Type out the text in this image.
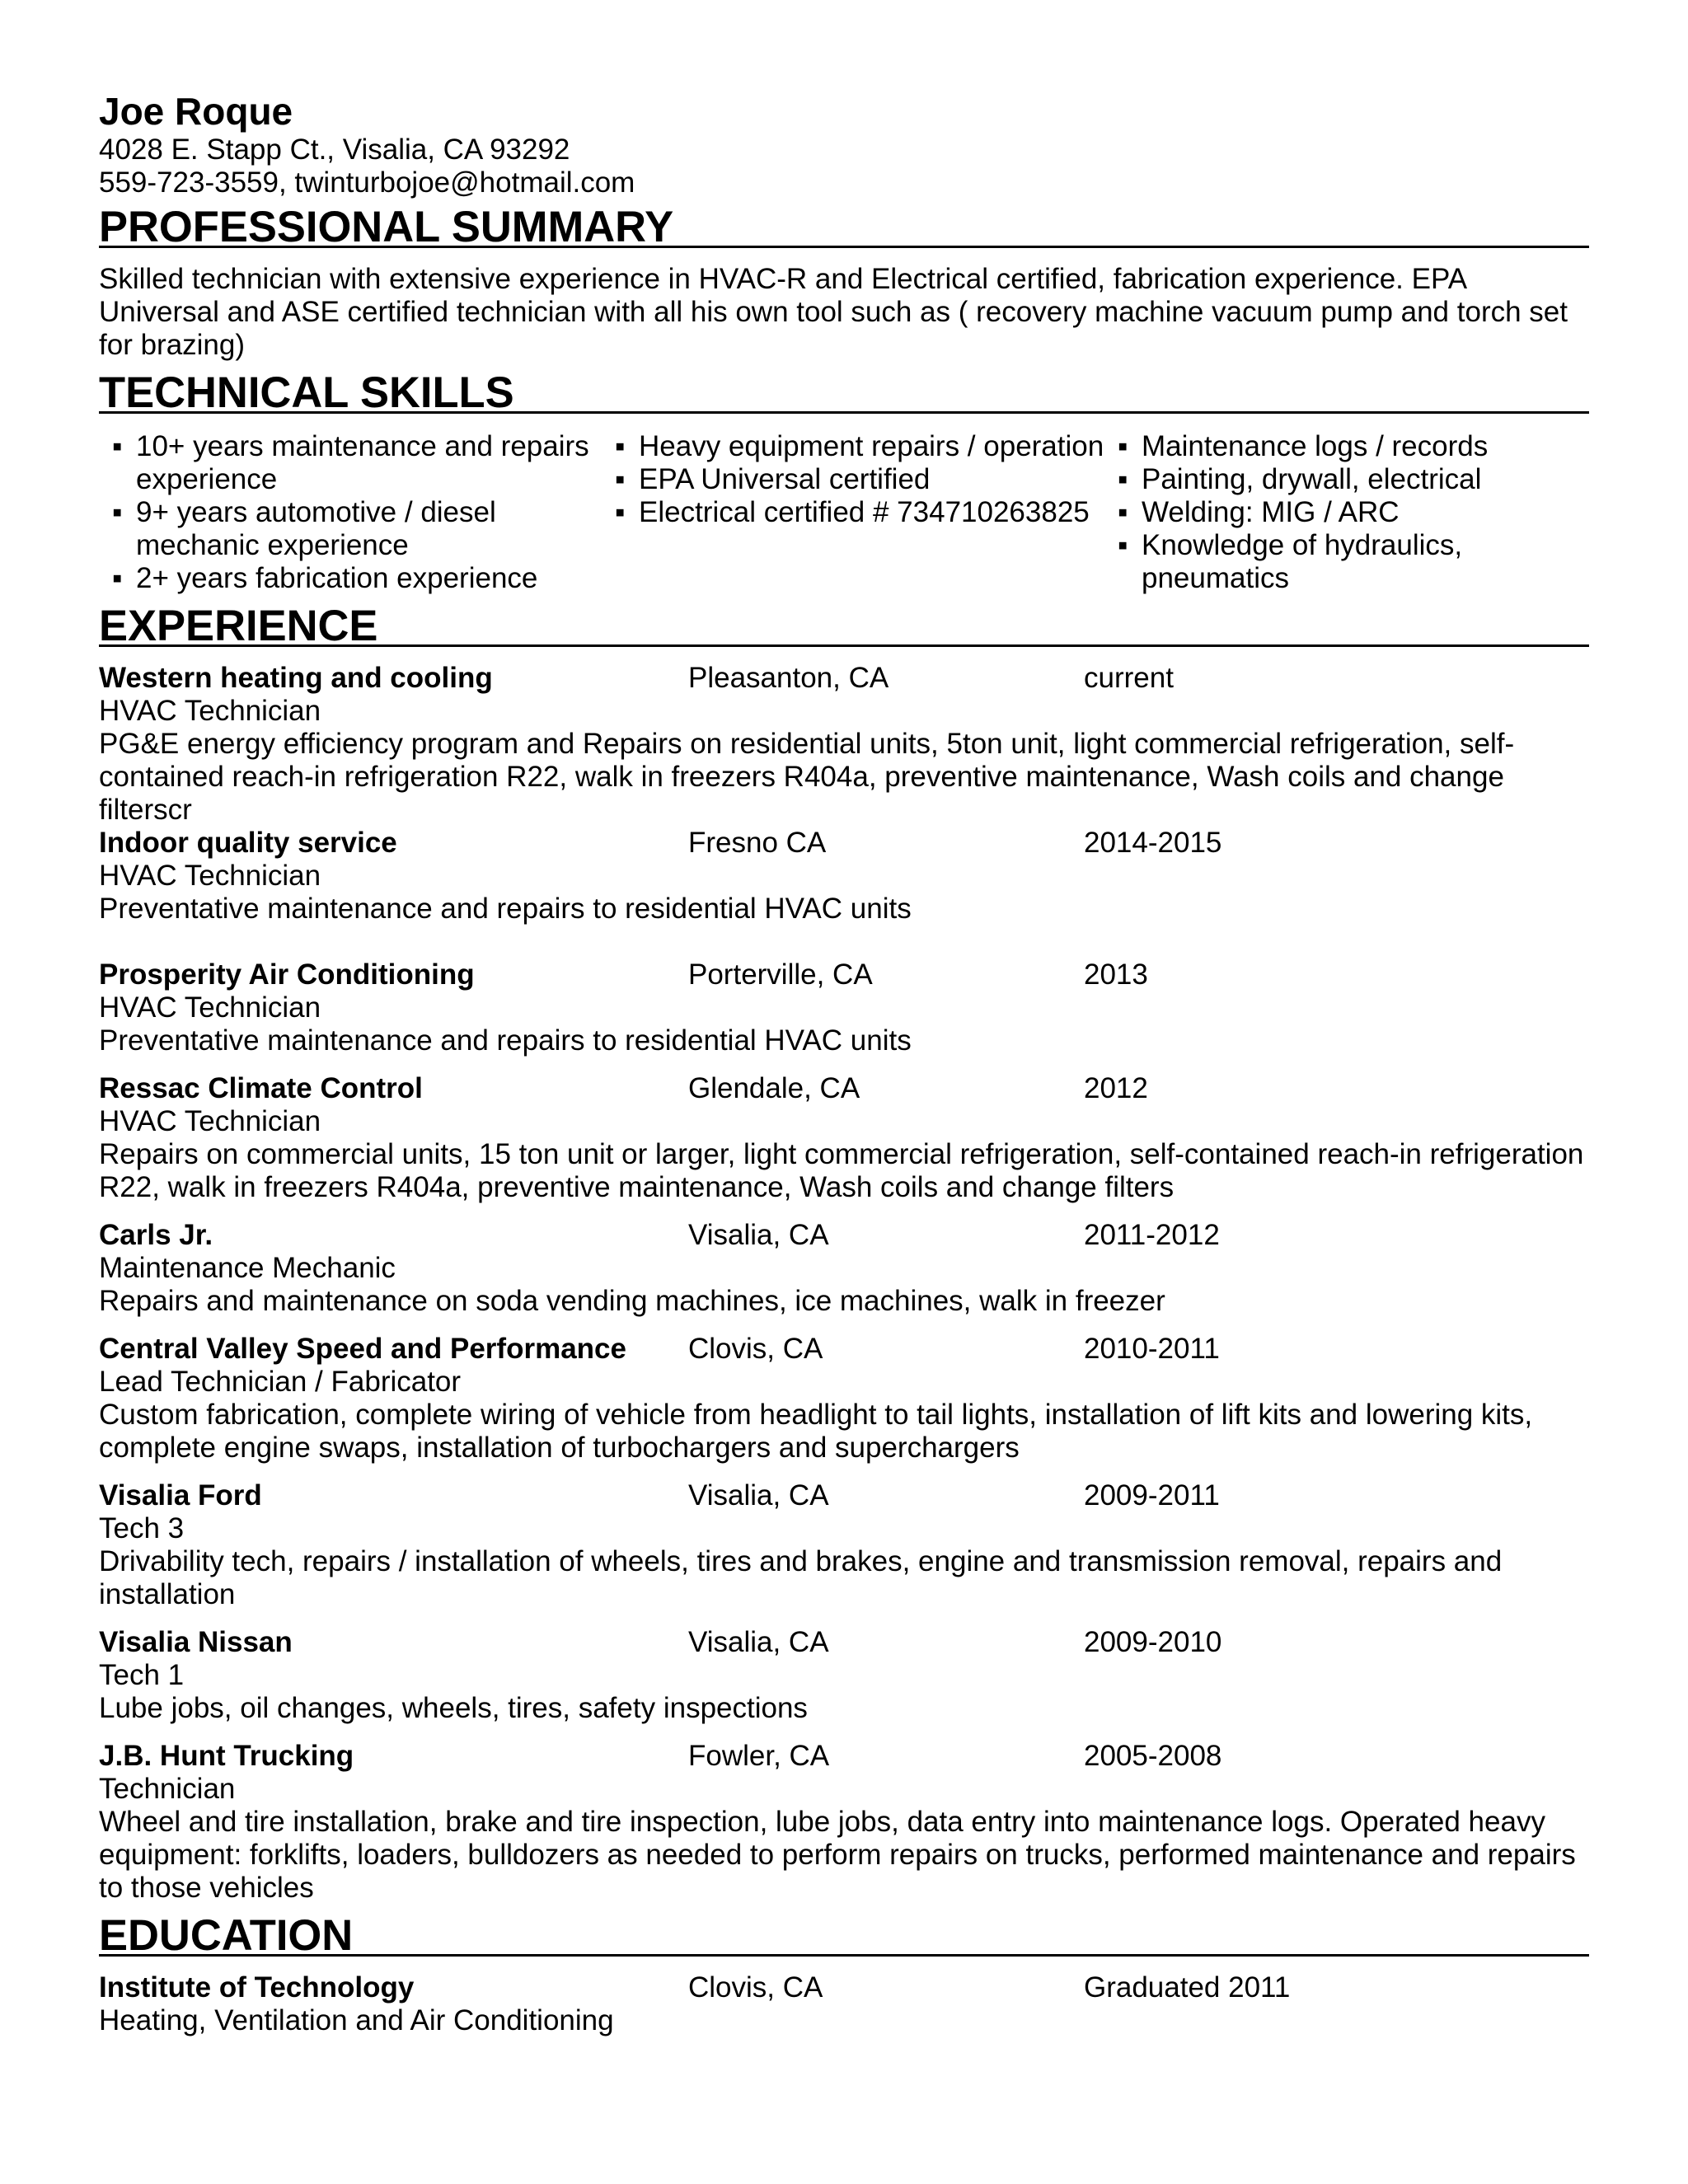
Joe Roque

4028 E. Stapp Ct., Visalia, CA 93292

559-723-3559, twinturbojoe@hotmail.com

PROFESSIONAL SUMMARY

Skilled technician with extensive experience in HVAC-R and Electrical certified, fabrication experience. EPA Universal and ASE certified technician with all his own tool such as ( recovery machine vacuum pump and torch set for brazing)

TECHNICAL SKILLS
▪ 10+ years maintenance and repairs experience
▪ 9+ years automotive / diesel mechanic experience
▪ 2+ years fabrication experience
▪ Heavy equipment repairs / operation
▪ EPA Universal certified
▪ Electrical certified # 734710263825
▪ Maintenance logs / records
▪ Painting, drywall, electrical
▪ Welding: MIG / ARC
▪ Knowledge of hydraulics, pneumatics
EXPERIENCE
Western heating and cooling	Pleasanton, CA	current

HVAC Technician

PG&E energy efficiency program and Repairs on residential units, 5ton unit, light commercial refrigeration, self-contained reach-in refrigeration R22, walk in freezers R404a, preventive maintenance, Wash coils and change filterscr

Indoor quality service	Fresno CA	2014-2015

HVAC Technician

Preventative maintenance and repairs to residential HVAC units

Prosperity Air Conditioning	Porterville, CA	2013

HVAC Technician

Preventative maintenance and repairs to residential HVAC units

Ressac Climate Control	Glendale, CA	2012

HVAC Technician

Repairs on commercial units, 15 ton unit or larger, light commercial refrigeration, self-contained reach-in refrigeration R22, walk in freezers R404a, preventive maintenance, Wash coils and change filters

Carls Jr.	Visalia, CA	2011-2012

Maintenance Mechanic

Repairs and maintenance on soda vending machines, ice machines, walk in freezer

Central Valley Speed and Performance	Clovis, CA	2010-2011

Lead Technician / Fabricator

Custom fabrication, complete wiring of vehicle from headlight to tail lights, installation of lift kits and lowering kits, complete engine swaps, installation of turbochargers and superchargers

Visalia Ford	Visalia, CA	2009-2011

Tech 3

Drivability tech, repairs / installation of wheels, tires and brakes, engine and transmission removal, repairs and installation

Visalia Nissan	Visalia, CA	2009-2010

Tech 1

Lube jobs, oil changes, wheels, tires, safety inspections

J.B. Hunt Trucking	Fowler, CA	2005-2008

Technician

Wheel and tire installation, brake and tire inspection, lube jobs, data entry into maintenance logs. Operated heavy equipment: forklifts, loaders, bulldozers as needed to perform repairs on trucks, performed maintenance and repairs to those vehicles

EDUCATION
Institute of Technology	Clovis, CA	Graduated 2011

Heating, Ventilation and Air Conditioning
